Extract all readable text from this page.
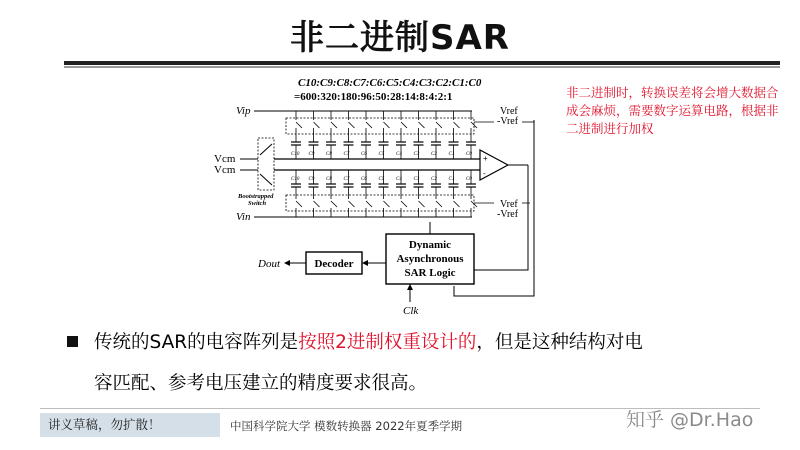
非二进制SAR
C10:C9:C8:C7:C6:C5:C4:C3:C2:C1:C0
=600:320:180:96:50:28:14:8:4:2:1
Vip
Vcm
Vcm
Vin
Bootstrapped
Switch
C10 C9 C8 C7 C6 C5 C4 C3 C2 C1 C0
C10 C9 C8 C7 C6 C5 C4 C3 C2 C1 C0
Vref
-Vref
Vref
-Vref
+
-
Dynamic
Asynchronous
SAR Logic
Decoder
Dout
Clk
非二进制时，转换误差将会增大数据合成会麻烦，需要数字运算电路，根据非二进制进行加权
传统的SAR的电容阵列是按照2进制权重设计的，但是这种结构对电
容匹配、参考电压建立的精度要求很高。
讲义草稿，勿扩散！	中国科学院大学 模数转换器 2022年夏季学期	知乎 @Dr.Hao
